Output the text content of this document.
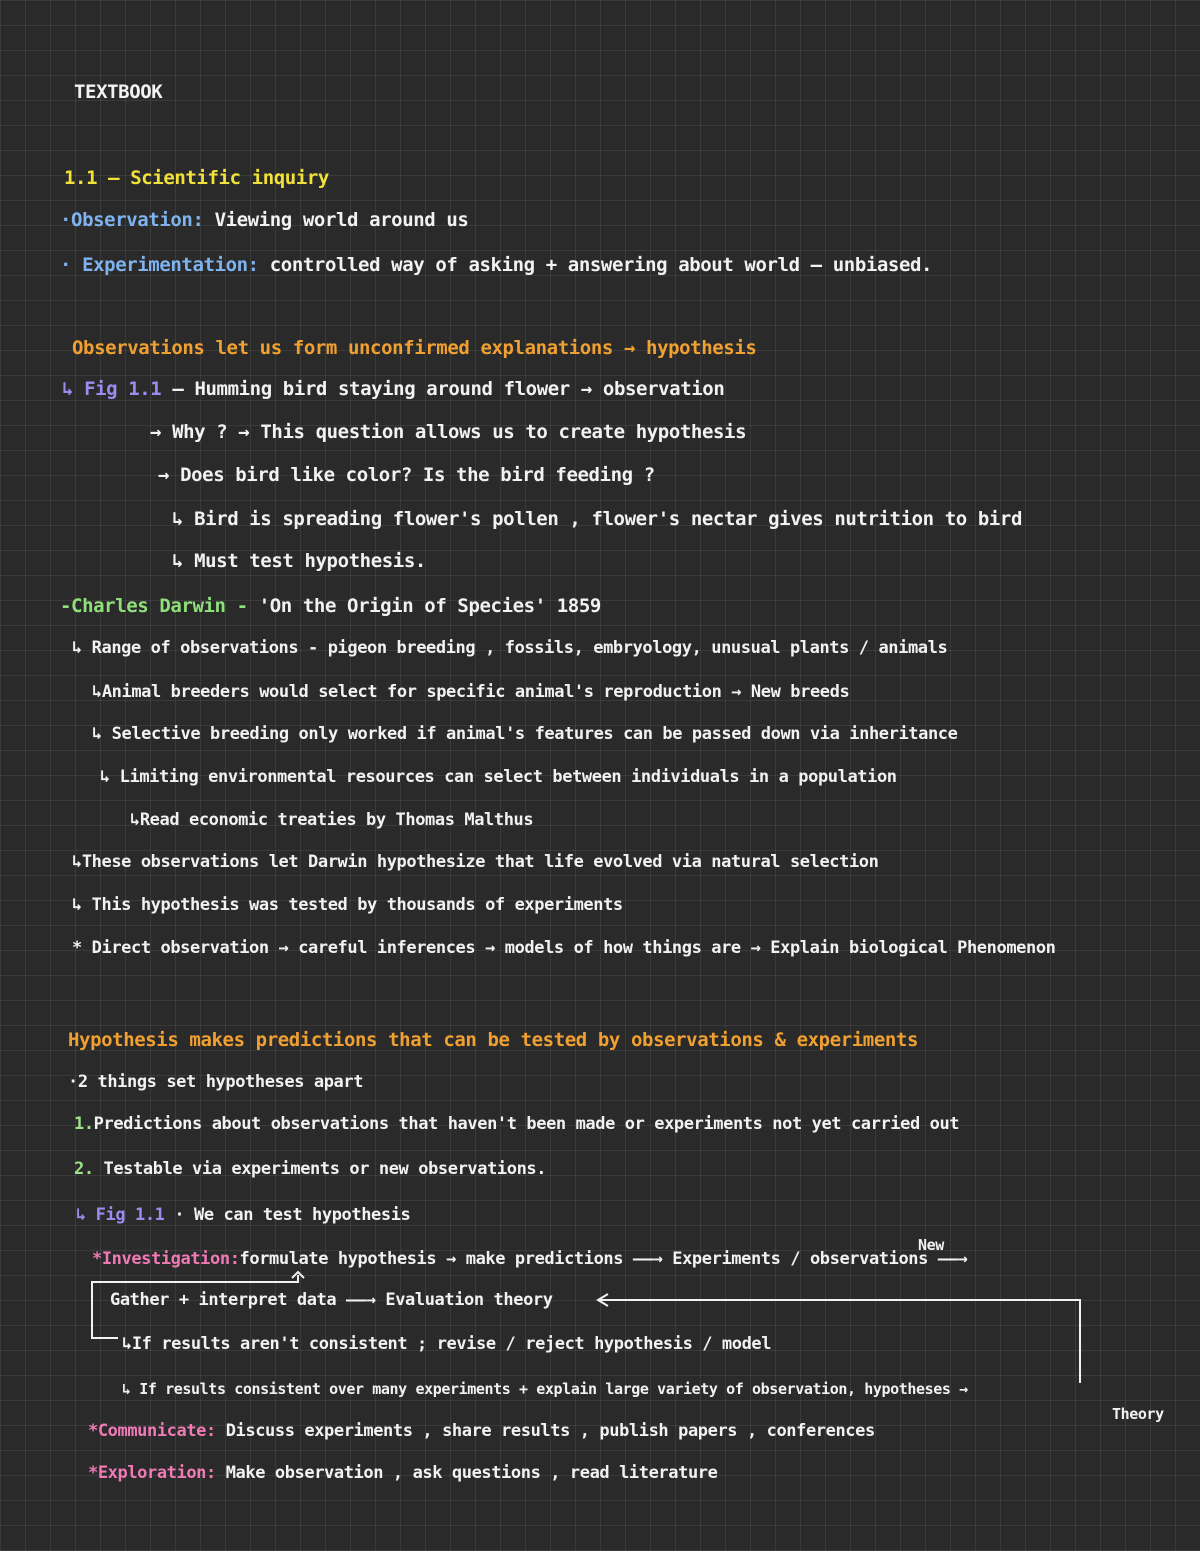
TEXTBOOK
1.1 – Scientific inquiry
·Observation: Viewing world around us
· Experimentation: controlled way of asking + answering about world – unbiased.
Observations let us form unconfirmed explanations → hypothesis
↳ Fig 1.1 – Humming bird staying around flower → observation
→ Why ? → This question allows us to create hypothesis
→ Does bird like color? Is the bird feeding ?
↳ Bird is spreading flower's pollen , flower's nectar gives nutrition to bird
↳ Must test hypothesis.
-Charles Darwin - 'On the Origin of Species' 1859
↳ Range of observations - pigeon breeding , fossils, embryology, unusual plants / animals
↳Animal breeders would select for specific animal's reproduction → New breeds
↳ Selective breeding only worked if animal's features can be passed down via inheritance
↳ Limiting environmental resources can select between individuals in a population
↳Read economic treaties by Thomas Malthus
↳These observations let Darwin hypothesize that life evolved via natural selection
↳ This hypothesis was tested by thousands of experiments
* Direct observation → careful inferences → models of how things are → Explain biological Phenomenon
Hypothesis makes predictions that can be tested by observations & experiments
·2 things set hypotheses apart
1.Predictions about observations that haven't been made or experiments not yet carried out
2. Testable via experiments or new observations.
↳ Fig 1.1 · We can test hypothesis
New
*Investigation:formulate hypothesis → make predictions ——→ Experiments / observations ——→
Gather + interpret data ——→ Evaluation theory
↳If results aren't consistent ; revise / reject hypothesis / model
↳ If results consistent over many experiments + explain large variety of observation, hypotheses →
Theory
*Communicate: Discuss experiments , share results , publish papers , conferences
*Exploration: Make observation , ask questions , read literature
